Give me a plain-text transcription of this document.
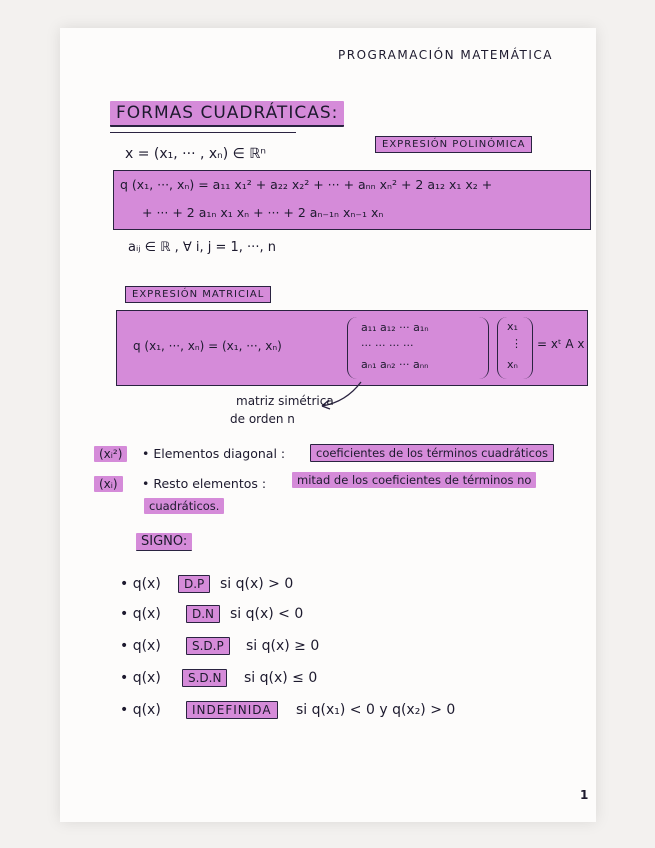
PROGRAMACIÓN MATEMÁTICA
FORMAS CUADRÁTICAS:
x = (x₁, ··· , xₙ) ∈ ℝⁿ
EXPRESIÓN POLINÓMICA
q (x₁, ···, xₙ) = a₁₁ x₁² + a₂₂ x₂² + ··· + aₙₙ xₙ² + 2 a₁₂ x₁ x₂ +
+ ··· + 2 a₁ₙ x₁ xₙ + ··· + 2 aₙ₋₁ₙ xₙ₋₁ xₙ
aᵢⱼ ∈ ℝ , ∀ i, j = 1, ···, n
EXPRESIÓN MATRICIAL
q (x₁, ···, xₙ) = (x₁, ···, xₙ)
a₁₁ a₁₂ ··· a₁ₙ
··· ··· ··· ···
aₙ₁ aₙ₂ ··· aₙₙ
x₁
⋮
xₙ
= xᵗ A x
matriz simétrica
de orden n
(xᵢ²)	• Elementos diagonal :	coeficientes de los términos cuadráticos
(xᵢ)	• Resto elementos :	mitad de los coeficientes de términos no
cuadráticos.
SIGNO:
• q(x)	D.P	si q(x) > 0
• q(x)	D.N	si q(x) < 0
• q(x)	S.D.P	si q(x) ≥ 0
• q(x)	S.D.N	si q(x) ≤ 0
• q(x)	INDEFINIDA	si q(x₁) < 0 y q(x₂) > 0
1
